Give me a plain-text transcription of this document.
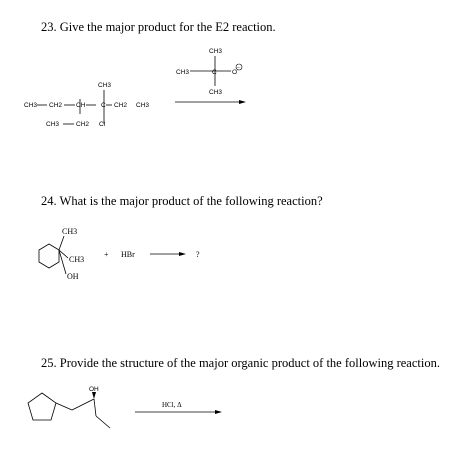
23. Give the major product for the E2 reaction.
24. What is the major product of the following reaction?
25. Provide the structure of the major organic product of the following reaction.
CH3
CH3	C O
−
CH3
CH3
CH3 CH2 CH C CH2 CH3
CH3	CH2 Cl
CH3
CH3
OH
+ HBr	?
OH
HCl, Δ
